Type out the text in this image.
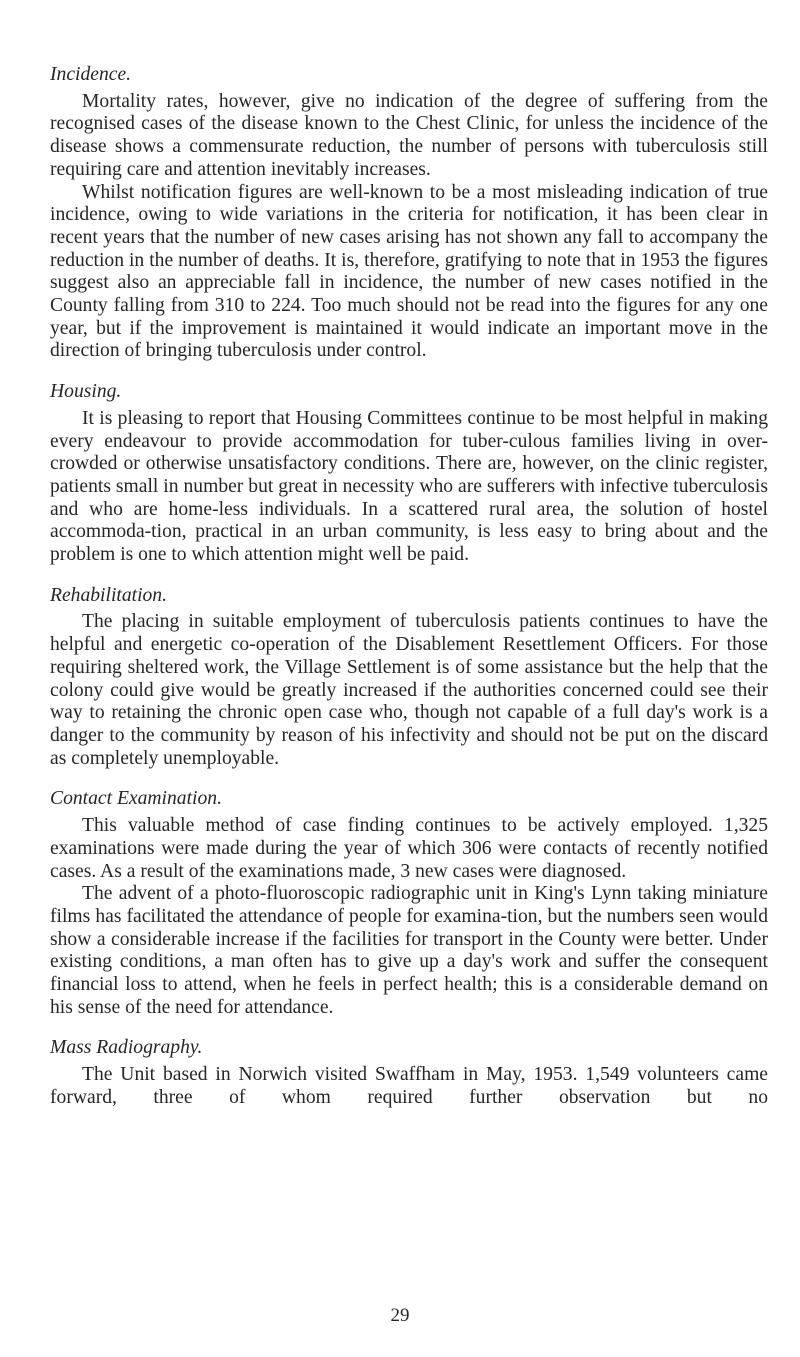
Incidence.

Mortality rates, however, give no indication of the degree of suffering from the recognised cases of the disease known to the Chest Clinic, for unless the incidence of the disease shows a commensurate reduction, the number of persons with tuberculosis still requiring care and attention inevitably increases.

Whilst notification figures are well-known to be a most misleading indication of true incidence, owing to wide variations in the criteria for notification, it has been clear in recent years that the number of new cases arising has not shown any fall to accompany the reduction in the number of deaths. It is, therefore, gratifying to note that in 1953 the figures suggest also an appreciable fall in incidence, the number of new cases notified in the County falling from 310 to 224. Too much should not be read into the figures for any one year, but if the improvement is maintained it would indicate an important move in the direction of bringing tuberculosis under control.

Housing.

It is pleasing to report that Housing Committees continue to be most helpful in making every endeavour to provide accommodation for tuber-culous families living in over-crowded or otherwise unsatisfactory conditions. There are, however, on the clinic register, patients small in number but great in necessity who are sufferers with infective tuberculosis and who are home-less individuals. In a scattered rural area, the solution of hostel accommoda-tion, practical in an urban community, is less easy to bring about and the problem is one to which attention might well be paid.

Rehabilitation.

The placing in suitable employment of tuberculosis patients continues to have the helpful and energetic co-operation of the Disablement Resettlement Officers. For those requiring sheltered work, the Village Settlement is of some assistance but the help that the colony could give would be greatly increased if the authorities concerned could see their way to retaining the chronic open case who, though not capable of a full day's work is a danger to the community by reason of his infectivity and should not be put on the discard as completely unemployable.

Contact Examination.

This valuable method of case finding continues to be actively employed. 1,325 examinations were made during the year of which 306 were contacts of recently notified cases. As a result of the examinations made, 3 new cases were diagnosed.

The advent of a photo-fluoroscopic radiographic unit in King's Lynn taking miniature films has facilitated the attendance of people for examina-tion, but the numbers seen would show a considerable increase if the facilities for transport in the County were better. Under existing conditions, a man often has to give up a day's work and suffer the consequent financial loss to attend, when he feels in perfect health; this is a considerable demand on his sense of the need for attendance.

Mass Radiography.

The Unit based in Norwich visited Swaffham in May, 1953. 1,549 volunteers came forward, three of whom required further observation but no

29
